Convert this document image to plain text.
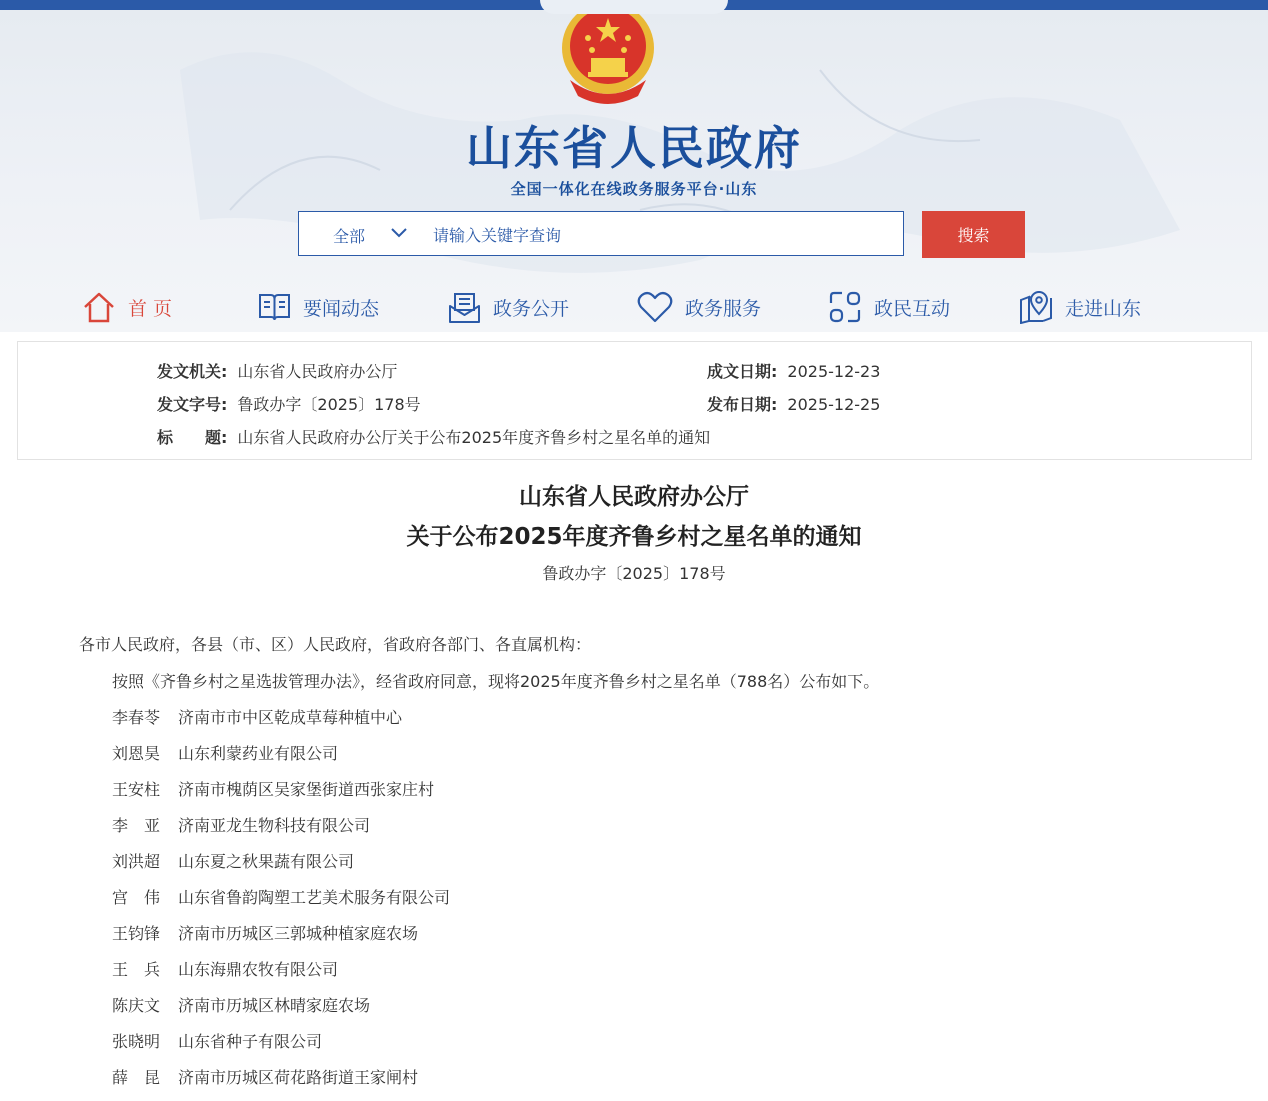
山东省人民政府
全国一体化在线政务服务平台·山东
全部
请输入关键字查询	搜索
首 页	要闻动态	政务公开	政务服务	政民互动	走进山东
发文机关: 山东省人民政府办公厅	成文日期: 2025-12-23
发文字号: 鲁政办字〔2025〕178号	发布日期: 2025-12-25
标　　题: 山东省人民政府办公厅关于公布2025年度齐鲁乡村之星名单的通知
山东省人民政府办公厅
关于公布2025年度齐鲁乡村之星名单的通知
鲁政办字〔2025〕178号
各市人民政府，各县（市、区）人民政府，省政府各部门、各直属机构：
按照《齐鲁乡村之星选拔管理办法》，经省政府同意，现将2025年度齐鲁乡村之星名单（788名）公布如下。
李春苓 济南市市中区乾成草莓种植中心
刘恩昊 山东利蒙药业有限公司
王安柱 济南市槐荫区吴家堡街道西张家庄村
李　亚 济南亚龙生物科技有限公司
刘洪超 山东夏之秋果蔬有限公司
宫　伟 山东省鲁韵陶塑工艺美术服务有限公司
王钧锋 济南市历城区三郭城种植家庭农场
王　兵 山东海鼎农牧有限公司
陈庆文 济南市历城区林晴家庭农场
张晓明 山东省种子有限公司
薛　昆 济南市历城区荷花路街道王家闸村
